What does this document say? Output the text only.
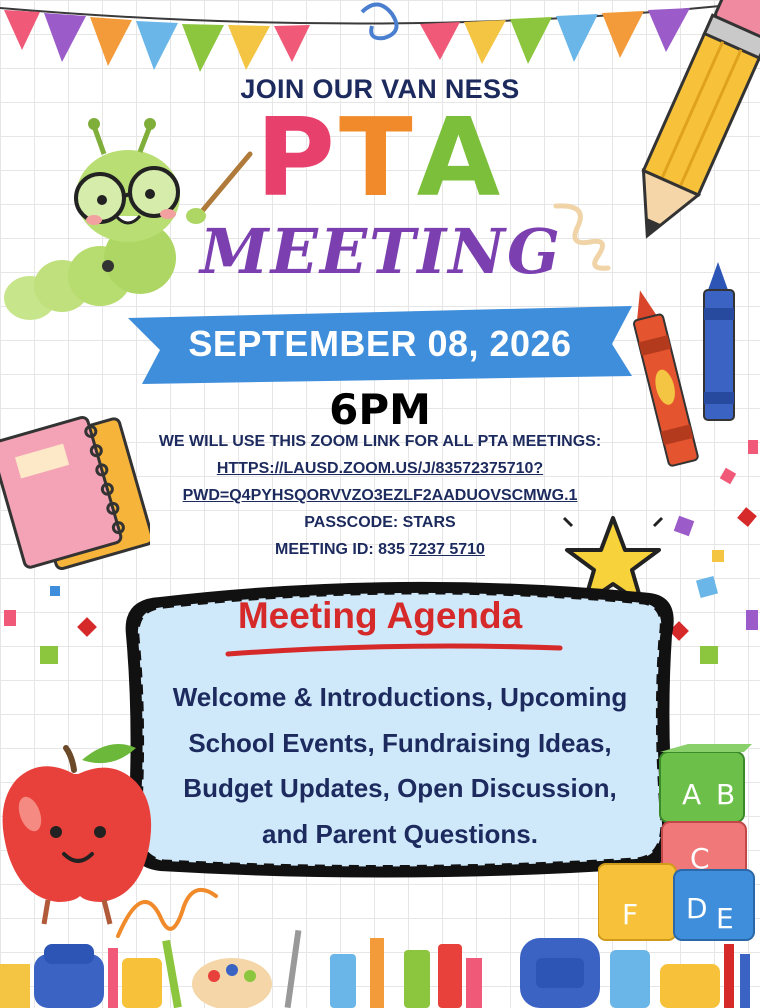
JOIN OUR VAN NESS
PTA
MEETING
SEPTEMBER 08, 2026
6PM
WE WILL USE THIS ZOOM LINK FOR ALL PTA MEETINGS:
HTTPS://LAUSD.ZOOM.US/J/83572375710?
PWD=Q4PYHSQORVVZO3EZLF2AADUOVSCMWG.1
PASSCODE: STARS
MEETING ID: 835 7237 5710
Meeting Agenda
Welcome & Introductions, Upcoming
School Events, Fundraising Ideas,
Budget Updates, Open Discussion,
and Parent Questions.
A B
C
D E
F
